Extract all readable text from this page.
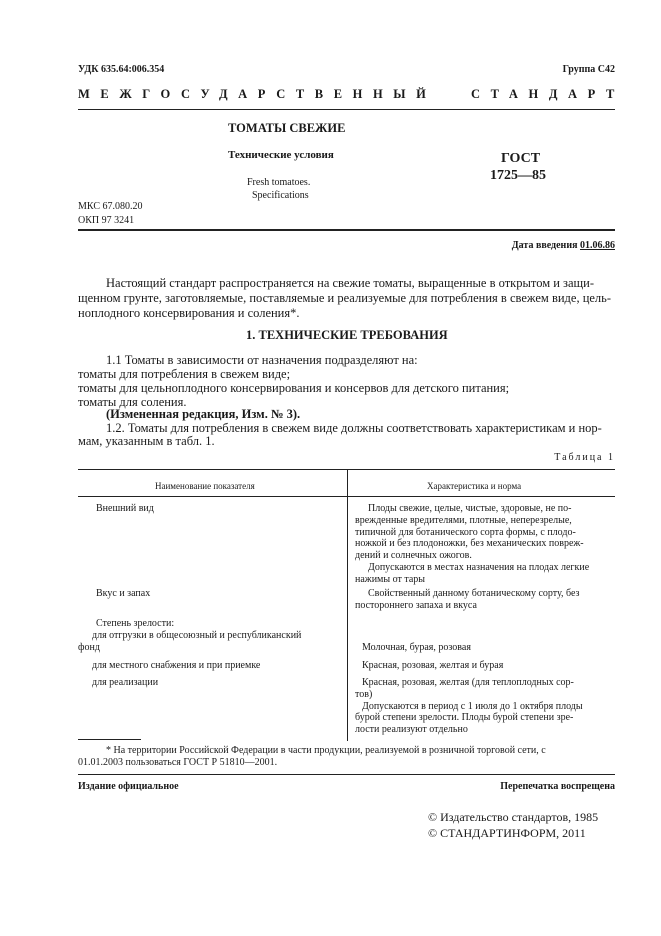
УДК 635.64:006.354	Группа С42
МЕЖГОСУДАРСТВЕННЫЙ	СТАНДАРТ
ТОМАТЫ СВЕЖИЕ
Технические условия
Fresh tomatoes.
Specifications
ГОСТ
1725—85
МКС 67.080.20
ОКП 97 3241
Дата введения 01.06.86
Настоящий стандарт распространяется на свежие томаты, выращенные в открытом и защи-
щенном грунте, заготовляемые, поставляемые и реализуемые для потребления в свежем виде, цель-
ноплодного консервирования и соления*.
1. ТЕХНИЧЕСКИЕ ТРЕБОВАНИЯ
1.1 Томаты в зависимости от назначения подразделяют на:
томаты для потребления в свежем виде;
томаты для цельноплодного консервирования и консервов для детского питания;
томаты для соления.
(Измененная редакция, Изм. № 3).
1.2. Томаты для потребления в свежем виде должны соответствовать характеристикам и нор-
мам, указанным в табл. 1.
Таблица 1
Наименование показателя	Характеристика и норма
Внешний вид	Плоды свежие, целые, чистые, здоровые, не по-
врежденные вредителями, плотные, неперезрелые,
типичной для ботанического сорта формы, с плодо-
ножкой и без плодоножки, без механических повреж-
дений и солнечных ожогов.
Допускаются в местах назначения на плодах легкие
нажимы от тары
Вкус и запах	Свойственный данному ботаническому сорту, без
постороннего запаха и вкуса
Степень зрелости:
для отгрузки в общесоюзный и республиканский
фонд	Молочная, бурая, розовая
для местного снабжения и при приемке	Красная, розовая, желтая и бурая
для реализации	Красная, розовая, желтая (для теплоплодных сор-
тов)
Допускаются в период с 1 июля до 1 октября плоды
бурой степени зрелости. Плоды бурой степени зре-
лости реализуют отдельно
* На территории Российской Федерации в части продукции, реализуемой в розничной торговой сети, с
01.01.2003 пользоваться ГОСТ Р 51810—2001.
Издание официальное	Перепечатка воспрещена
© Издательство стандартов, 1985
© СТАНДАРТИНФОРМ, 2011
